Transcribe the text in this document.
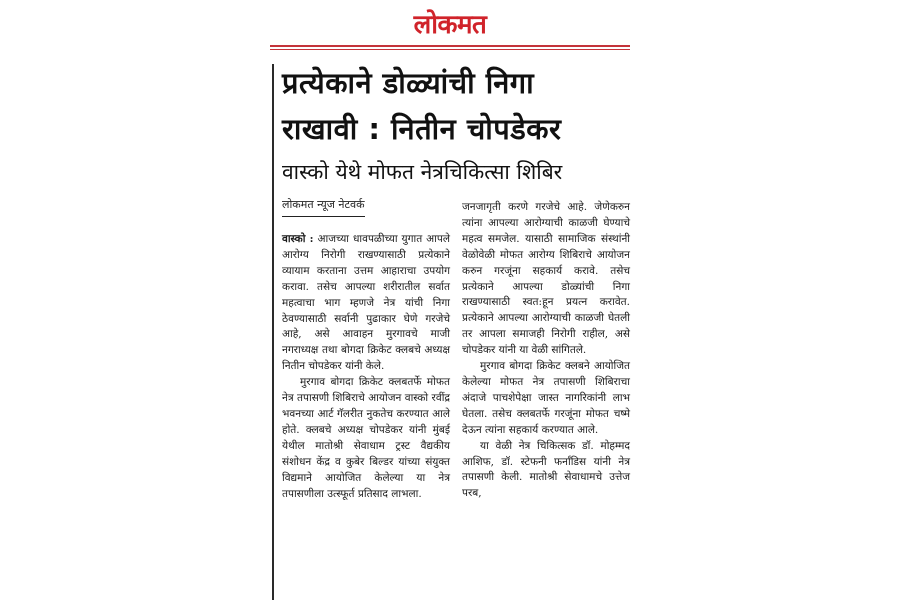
लोकमत
प्रत्येकाने डोळ्यांची निगा
राखावी : नितीन चोपडेकर
वास्को येथे मोफत नेत्रचिकित्सा शिबिर
लोकमत न्यूज नेटवर्क

वास्को : आजच्या धावपळीच्या युगात आपले आरोग्य निरोगी राखण्यासाठी प्रत्येकाने व्यायाम करताना उत्तम आहाराचा उपयोग करावा. तसेच आपल्या शरीरातील सर्वात महत्वाचा भाग म्हणजे नेत्र यांची निगा ठेवण्यासाठी सर्वानी पुढाकार घेणे गरजेचे आहे, असे आवाहन मुरगावचे माजी नगराध्यक्ष तथा बोगदा क्रिकेट क्लबचे अध्यक्ष नितीन चोपडेकर यांनी केले.

मुरगाव बोगदा क्रिकेट क्लबतर्फे मोफत नेत्र तपासणी शिबिराचे आयोजन वास्को रवींद्र भवनच्या आर्ट गॅलरीत नुकतेच करण्यात आले होते. क्लबचे अध्यक्ष चोपडेकर यांनी मुंबई येथील मातोश्री सेवाधाम ट्रस्ट वैद्यकीय संशोधन केंद्र व कुबेर बिल्डर यांच्या संयुक्त विद्यमाने आयोजित केलेल्या या नेत्र तपासणीला उत्स्फूर्त प्रतिसाद लाभला.

जनजागृती करणे गरजेचे आहे. जेणेकरुन त्यांना आपल्या आरोग्याची काळजी घेण्याचे महत्व समजेल. यासाठी सामाजिक संस्थांनी वेळोवेळी मोफत आरोग्य शिबिराचे आयोजन करुन गरजूंना सहकार्य करावे. तसेच प्रत्येकाने आपल्या डोळ्यांची निगा राखण्यासाठी स्वत:हून प्रयत्न करावेत. प्रत्येकाने आपल्या आरोग्याची काळजी घेतली तर आपला समाजही निरोगी राहील, असे चोपडेकर यांनी या वेळी सांगितले.

मुरगाव बोगदा क्रिकेट क्लबने आयोजित केलेल्या मोफत नेत्र तपासणी शिबिराचा अंदाजे पाचशेपेक्षा जास्त नागरिकांनी लाभ घेतला. तसेच क्लबतर्फे गरजूंना मोफत चष्मे देऊन त्यांना सहकार्य करण्यात आले.

या वेळी नेत्र चिकित्सक डॉ. मोहम्मद आशिफ, डॉ. स्टेफनी फर्नांडिस यांनी नेत्र तपासणी केली. मातोश्री सेवाधामचे उत्तेज परब,
